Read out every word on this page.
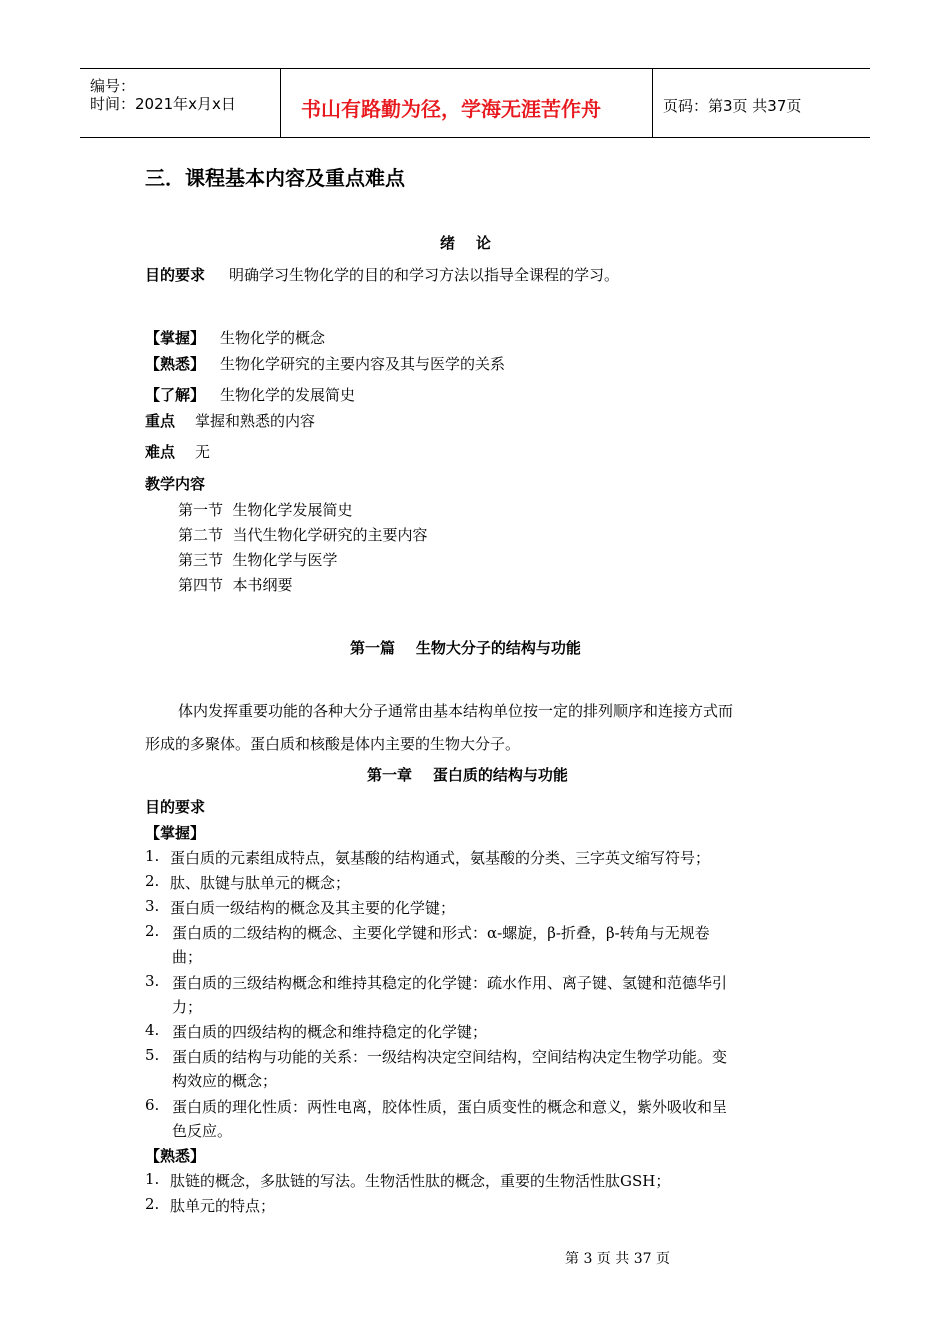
编号：
时间：2021年x月x日	书山有路勤为径，学海无涯苦作舟	页码：第3页 共37页
三．课程基本内容及重点难点
绪    论
目的要求 明确学习生物化学的目的和学习方法以指导全课程的学习。
【掌握】 生物化学的概念
【熟悉】 生物化学研究的主要内容及其与医学的关系
【了解】 生物化学的发展简史
重点 掌握和熟悉的内容
难点 无
教学内容
第一节  生物化学发展简史
第二节  当代生物化学研究的主要内容
第三节  生物化学与医学
第四节  本书纲要
第一篇    生物大分子的结构与功能
体内发挥重要功能的各种大分子通常由基本结构单位按一定的排列顺序和连接方式而
形成的多聚体。蛋白质和核酸是体内主要的生物大分子。
第一章    蛋白质的结构与功能
目的要求
【掌握】
1. 蛋白质的元素组成特点，氨基酸的结构通式，氨基酸的分类、三字英文缩写符号；
2. 肽、肽键与肽单元的概念；
3. 蛋白质一级结构的概念及其主要的化学键；
2. 蛋白质的二级结构的概念、主要化学键和形式：α-螺旋，β-折叠，β-转角与无规卷
曲；
3. 蛋白质的三级结构概念和维持其稳定的化学键：疏水作用、离子键、氢键和范德华引
力；
4. 蛋白质的四级结构的概念和维持稳定的化学键；
5. 蛋白质的结构与功能的关系：一级结构决定空间结构，空间结构决定生物学功能。变
构效应的概念；
6. 蛋白质的理化性质：两性电离，胶体性质，蛋白质变性的概念和意义，紫外吸收和呈
色反应。
【熟悉】
1. 肽链的概念，多肽链的写法。生物活性肽的概念，重要的生物活性肽GSH；
2. 肽单元的特点；
第 3 页 共 37 页
